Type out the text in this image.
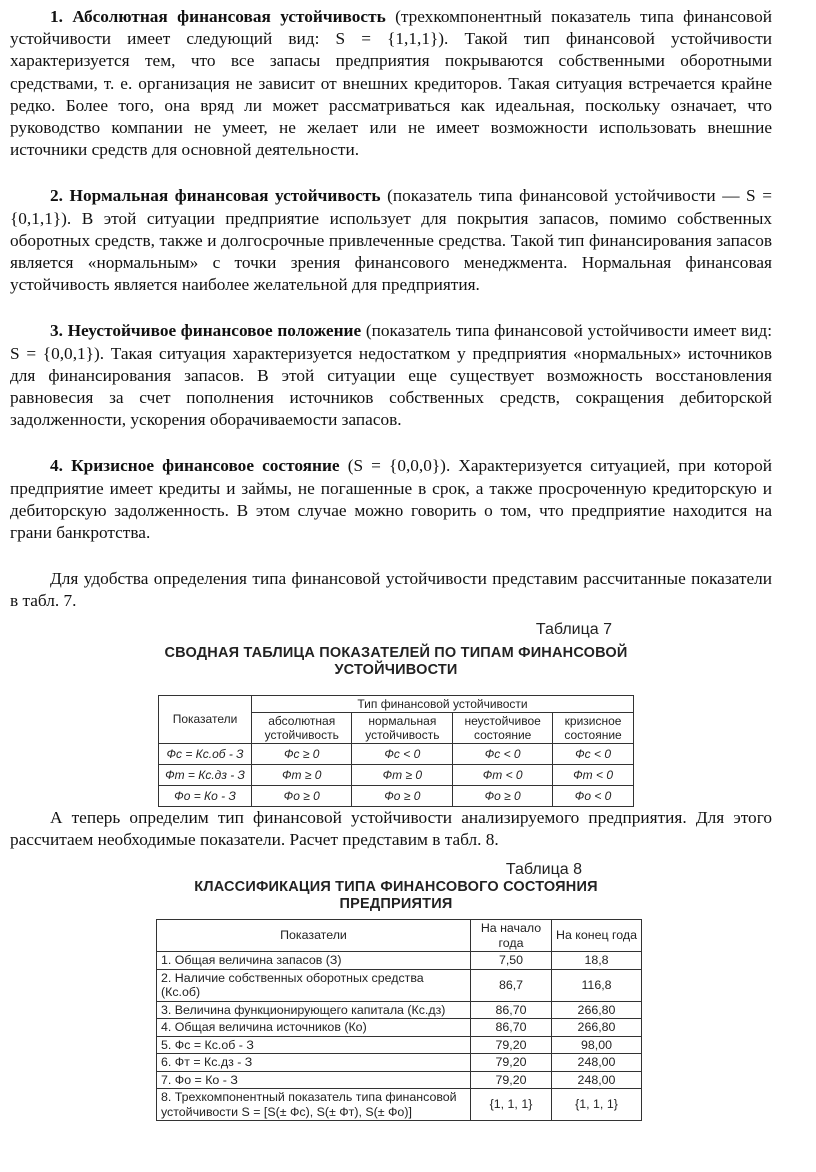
1. Абсолютная финансовая устойчивость (трехкомпонентный показатель типа финансовой устойчивости имеет следующий вид: S = {1,1,1}). Такой тип финансовой устойчивости характеризуется тем, что все запасы предприятия покрываются собственными оборотными средствами, т. е. организация не зависит от внешних кредиторов. Такая ситуация встречается крайне редко. Более того, она вряд ли может рассматриваться как идеальная, поскольку означает, что руководство компании не умеет, не желает или не имеет возможности использовать внешние источники средств для основной деятельности.

2. Нормальная финансовая устойчивость (показатель типа финансовой устойчивости — S = {0,1,1}). В этой ситуации предприятие использует для покрытия запасов, помимо собственных оборотных средств, также и долгосрочные привлеченные средства. Такой тип финансирования запасов является «нормальным» с точки зрения финансового менеджмента. Нормальная финансовая устойчивость является наиболее желательной для предприятия.

3. Неустойчивое финансовое положение (показатель типа финансовой устойчивости имеет вид: S = {0,0,1}). Такая ситуация характеризуется недостатком у предприятия «нормальных» источников для финансирования запасов. В этой ситуации еще существует возможность восстановления равновесия за счет пополнения источников собственных средств, сокращения дебиторской задолженности, ускорения оборачиваемости запасов.

4. Кризисное финансовое состояние (S = {0,0,0}). Характеризуется ситуацией, при которой предприятие имеет кредиты и займы, не погашенные в срок, а также просроченную кредиторскую и дебиторскую задолженность. В этом случае можно говорить о том, что предприятие находится на грани банкротства.

Для удобства определения типа финансовой устойчивости представим рассчитанные показатели в табл. 7.

Таблица 7
СВОДНАЯ ТАБЛИЦА ПОКАЗАТЕЛЕЙ ПО ТИПАМ ФИНАНСОВОЙ УСТОЙЧИВОСТИ
Показатели	Тип финансовой устойчивости			
	абсолютная устойчивость	нормальная устойчивость	неустойчивое состояние	кризисное состояние
Фс = Кс.об - З	Фс ≥ 0	Фс < 0	Фс < 0	Фс < 0
Фт = Кс.дз - З	Фт ≥ 0	Фт ≥ 0	Фт < 0	Фт < 0
Фо = Ко - З	Фо ≥ 0	Фо ≥ 0	Фо ≥ 0	Фо < 0

А теперь определим тип финансовой устойчивости анализируемого предприятия. Для этого рассчитаем необходимые показатели. Расчет представим в табл. 8.

Таблица 8
КЛАССИФИКАЦИЯ ТИПА ФИНАНСОВОГО СОСТОЯНИЯ ПРЕДПРИЯТИЯ
Показатели	На начало года	На конец года
1. Общая величина запасов (З)	7,50	18,8
2. Наличие собственных оборотных средства (Кс.об)	86,7	116,8
3. Величина функционирующего капитала (Кс.дз)	86,70	266,80
4. Общая величина источников (Ко)	86,70	266,80
5. Фс = Кс.об - З	79,20	98,00
6. Фт = Кс.дз - З	79,20	248,00
7. Фо = Ко - З	79,20	248,00
8. Трехкомпонентный показатель типа финансовой устойчивости S = [S(± Фс), S(± Фт), S(± Фо)]	{1, 1, 1}	{1, 1, 1}
